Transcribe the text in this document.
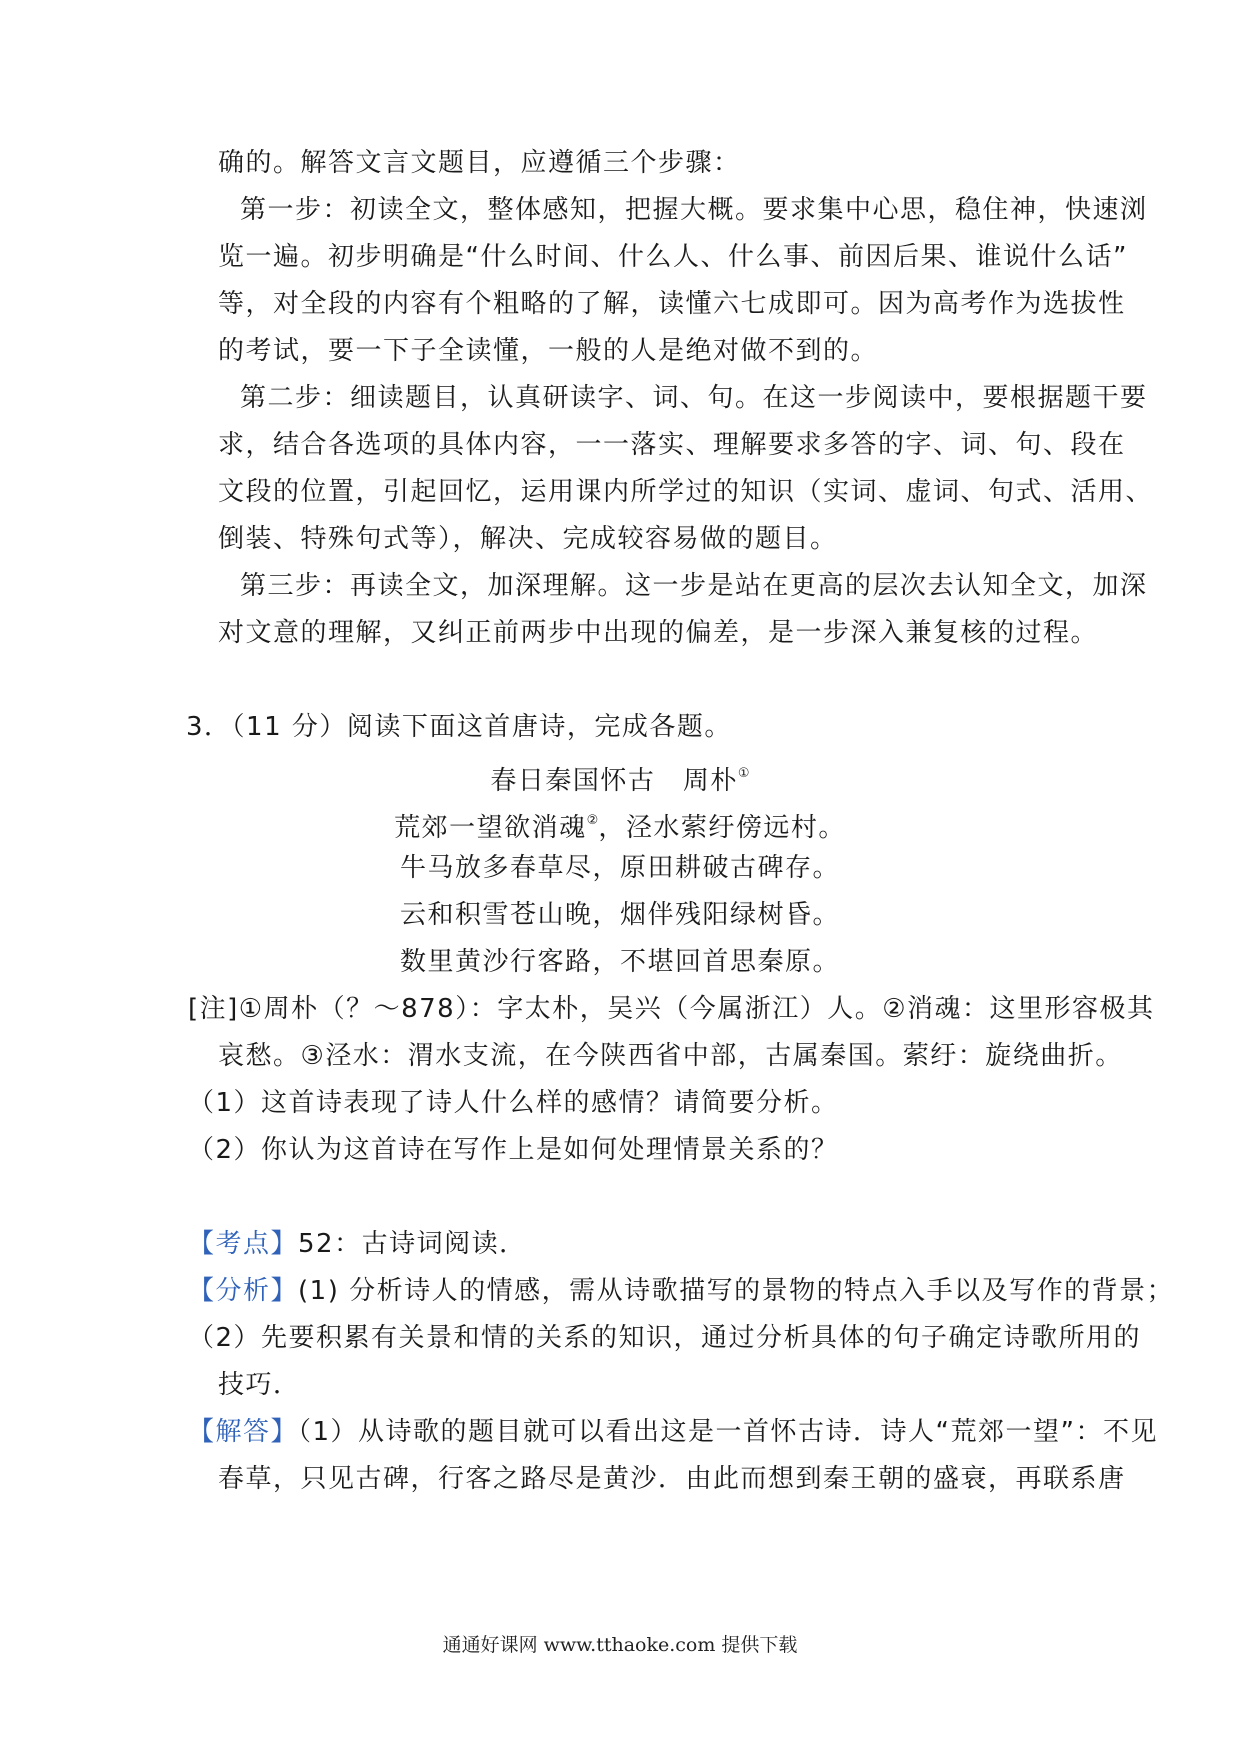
确的。解答文言文题目，应遵循三个步骤：
第一步：初读全文，整体感知，把握大概。要求集中心思，稳住神，快速浏
览一遍。初步明确是“什么时间、什么人、什么事、前因后果、谁说什么话”
等，对全段的内容有个粗略的了解，读懂六七成即可。因为高考作为选拔性
的考试，要一下子全读懂，一般的人是绝对做不到的。
第二步：细读题目，认真研读字、词、句。在这一步阅读中，要根据题干要
求，结合各选项的具体内容，一一落实、理解要求多答的字、词、句、段在
文段的位置，引起回忆，运用课内所学过的知识（实词、虚词、句式、活用、
倒装、特殊句式等），解决、完成较容易做的题目。
第三步：再读全文，加深理解。这一步是站在更高的层次去认知全文，加深
对文意的理解，又纠正前两步中出现的偏差，是一步深入兼复核的过程。
3．（11 分）阅读下面这首唐诗，完成各题。
春日秦国怀古　周朴①
荒郊一望欲消魂②，泾水萦纡傍远村。
牛马放多春草尽，原田耕破古碑存。
云和积雪苍山晚，烟伴残阳绿树昏。
数里黄沙行客路，不堪回首思秦原。
[注]①周朴（？～878）：字太朴，吴兴（今属浙江）人。②消魂：这里形容极其
哀愁。③泾水：渭水支流，在今陕西省中部，古属秦国。萦纡：旋绕曲折。
（1）这首诗表现了诗人什么样的感情？请简要分析。
（2）你认为这首诗在写作上是如何处理情景关系的？
【考点】52：古诗词阅读．
【分析】(1) 分析诗人的情感，需从诗歌描写的景物的特点入手以及写作的背景；
（2）先要积累有关景和情的关系的知识，通过分析具体的句子确定诗歌所用的
技巧．
【解答】（1）从诗歌的题目就可以看出这是一首怀古诗．诗人“荒郊一望”：不见
春草，只见古碑，行客之路尽是黄沙．由此而想到秦王朝的盛衰，再联系唐
通通好课网 www.tthaoke.com 提供下载
